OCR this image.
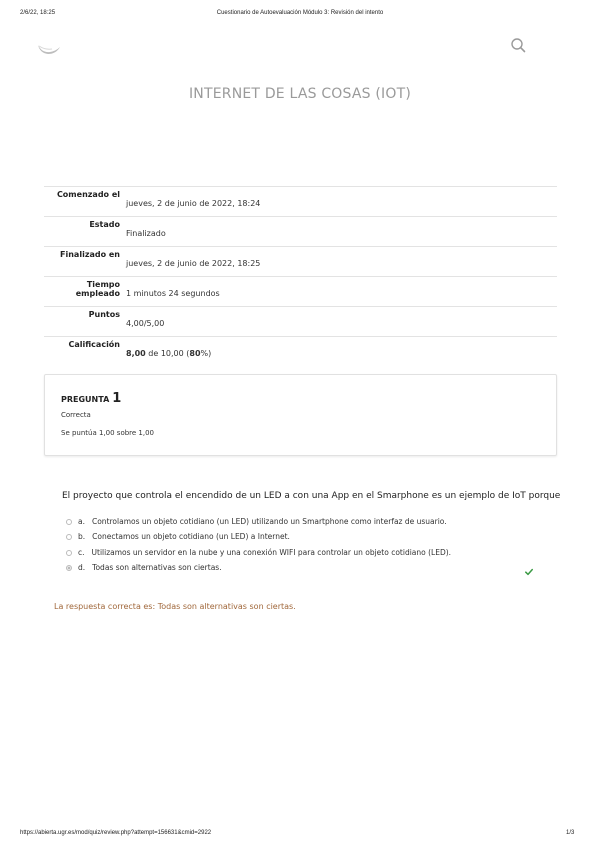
2/6/22, 18:25	Cuestionario de Autoevaluación Módulo 3: Revisión del intento
INTERNET DE LAS COSAS (IOT)
Comenzado el
jueves, 2 de junio de 2022, 18:24
Estado
Finalizado
Finalizado en
jueves, 2 de junio de 2022, 18:25
Tiempo empleado 1 minutos 24 segundos
Puntos
4,00/5,00
Calificación
8,00 de 10,00 (80%)
PREGUNTA 1
Correcta
Se puntúa 1,00 sobre 1,00
El proyecto que controla el encendido de un LED a con una App en el Smarphone es un ejemplo de IoT porque
a. Controlamos un objeto cotidiano (un LED) utilizando un Smartphone como interfaz de usuario.
b. Conectamos un objeto cotidiano (un LED) a Internet.
c. Utilizamos un servidor en la nube y una conexión WIFI para controlar un objeto cotidiano (LED).
d. Todas son alternativas son ciertas.
La respuesta correcta es: Todas son alternativas son ciertas.
https://abierta.ugr.es/mod/quiz/review.php?attempt=156631&cmid=2922	1/3
